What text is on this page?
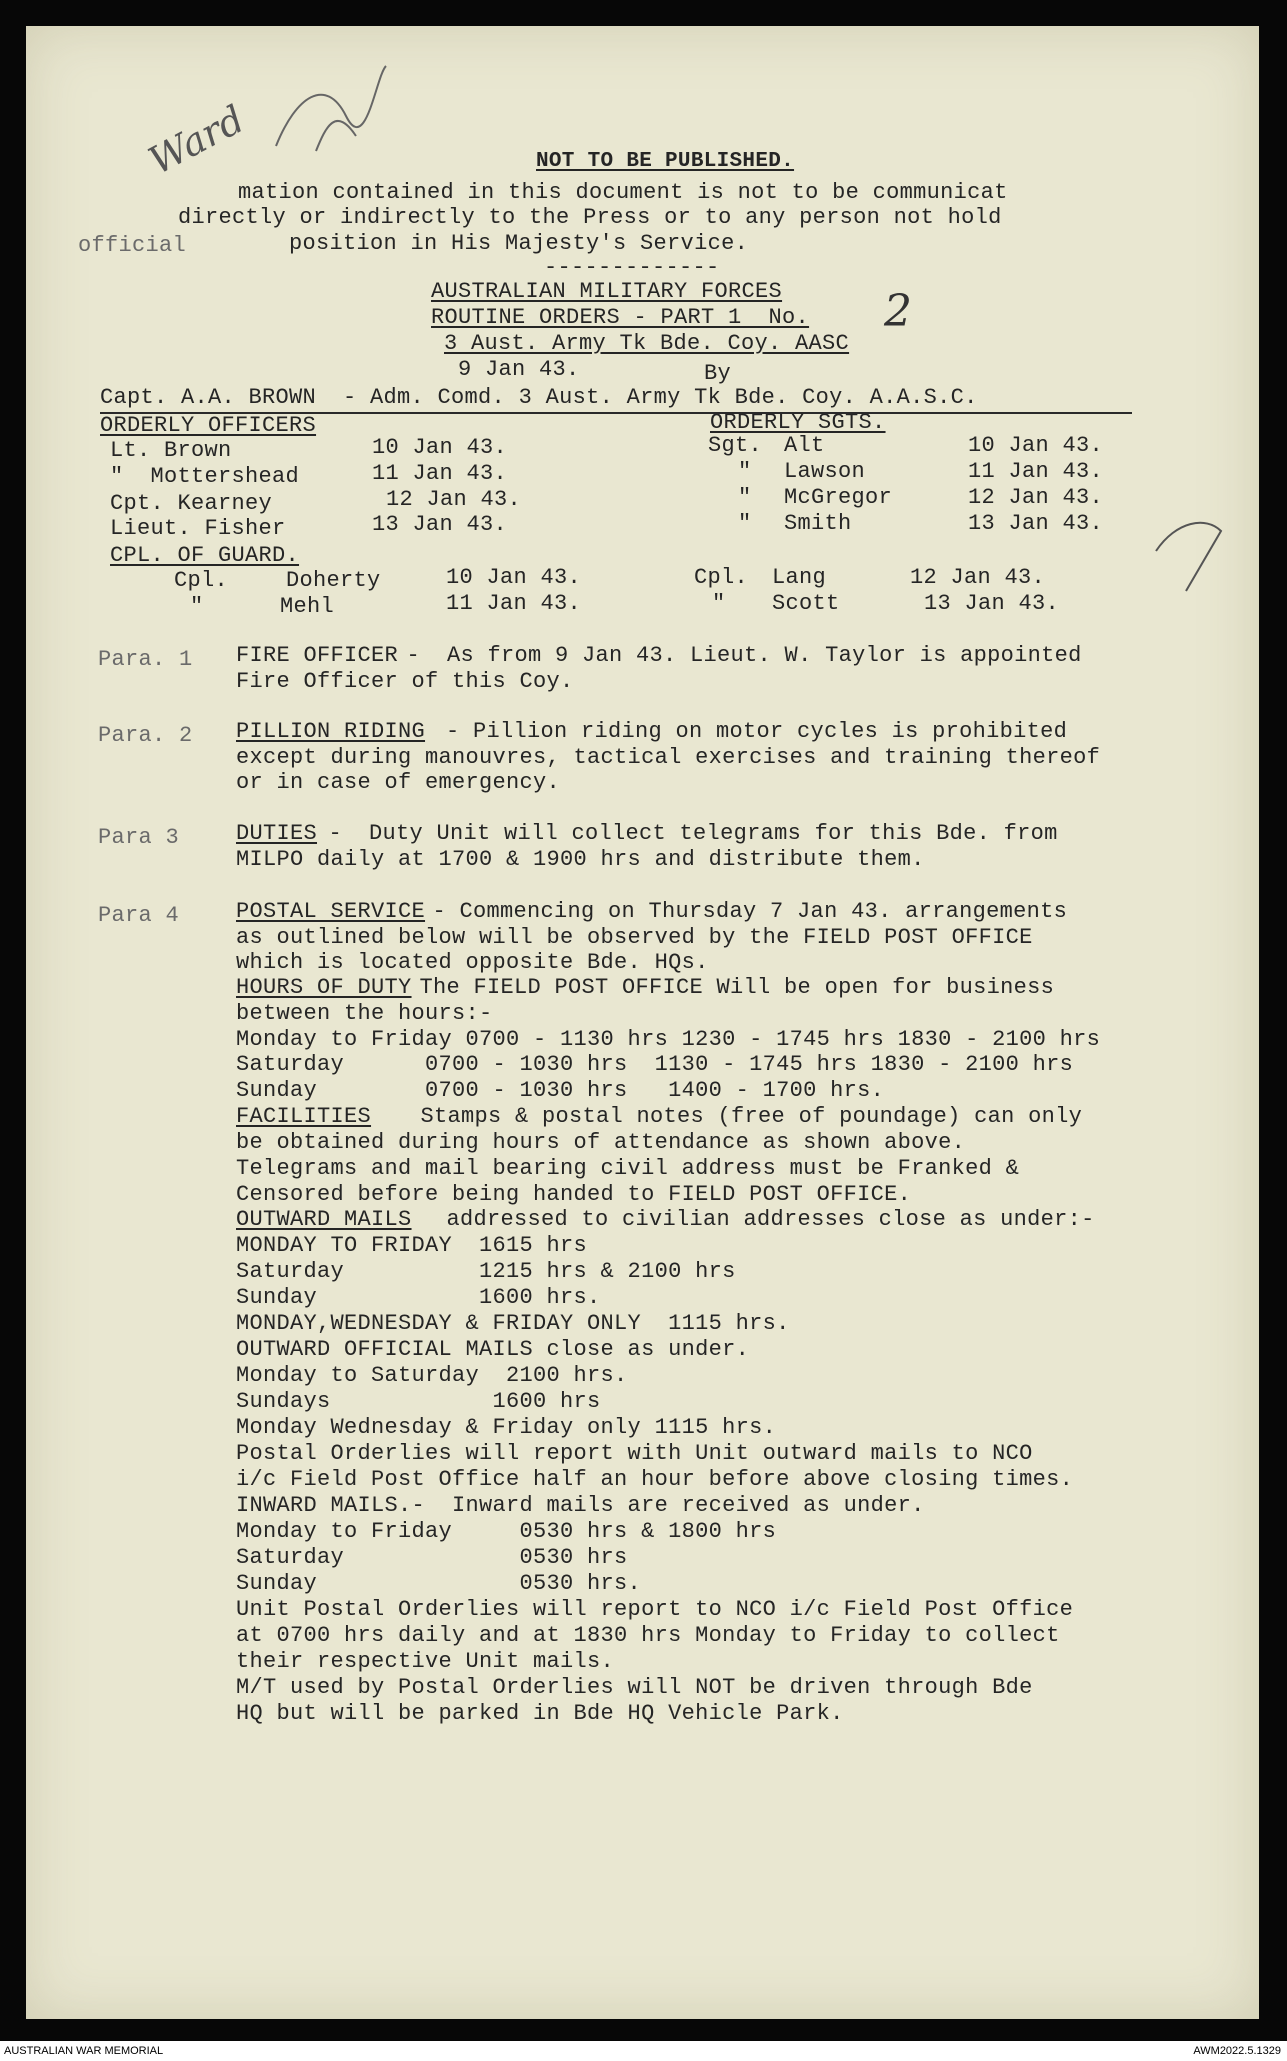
Ward	NOT TO BE PUBLISHED.
official
mation contained in this document is not to be communicat
directly or indirectly to the Press or to any person not hold
position in His Majesty's Service.
-------------
AUSTRALIAN MILITARY FORCES
ROUTINE ORDERS - PART 1  No. 2
3 Aust. Army Tk Bde. Coy. AASC
9 Jan 43.	By
Capt. A.A. BROWN  - Adm. Comd. 3 Aust. Army Tk Bde. Coy. A.A.S.C.
ORDERLY OFFICERS
Lt. Brown	10 Jan 43.
"  Mottershead	11 Jan 43.
Cpt. Kearney	12 Jan 43.
Lieut. Fisher	13 Jan 43.
ORDERLY SGTS.
Sgt. Alt	10 Jan 43.
" Lawson	11 Jan 43.
" McGregor	12 Jan 43.
" Smith	13 Jan 43.
CPL. OF GUARD.
Cpl.	Doherty	10 Jan 43.	Cpl. Lang	12 Jan 43.
"	Mehl	11 Jan 43.	" Scott	13 Jan 43.
Para. 1 FIRE OFFICER
-  As from 9 Jan 43. Lieut. W. Taylor is appointed
Fire Officer of this Coy.
Para. 2 PILLION RIDING
- Pillion riding on motor cycles is prohibited
except during manouvres, tactical exercises and training thereof
or in case of emergency.
Para 3	DUTIES
-  Duty Unit will collect telegrams for this Bde. from
MILPO daily at 1700 & 1900 hrs and distribute them.
Para 4	POSTAL SERVICE
- Commencing on Thursday 7 Jan 43. arrangements
as outlined below will be observed by the FIELD POST OFFICE
which is located opposite Bde. HQs.
HOURS OF DUTY
The FIELD POST OFFICE Will be open for business
between the hours:-
Monday to Friday 0700 - 1130 hrs 1230 - 1745 hrs 1830 - 2100 hrs
Saturday      0700 - 1030 hrs  1130 - 1745 hrs 1830 - 2100 hrs
Sunday        0700 - 1030 hrs   1400 - 1700 hrs.
FACILITIES Stamps & postal notes (free of poundage) can only
be obtained during hours of attendance as shown above.
Telegrams and mail bearing civil address must be Franked &
Censored before being handed to FIELD POST OFFICE.
OUTWARD MAILS
addressed to civilian addresses close as under:-
MONDAY TO FRIDAY  1615 hrs
Saturday          1215 hrs & 2100 hrs
Sunday            1600 hrs.
MONDAY,WEDNESDAY & FRIDAY ONLY  1115 hrs.
OUTWARD OFFICIAL MAILS close as under.
Monday to Saturday  2100 hrs.
Sundays            1600 hrs
Monday Wednesday & Friday only 1115 hrs.
Postal Orderlies will report with Unit outward mails to NCO
i/c Field Post Office half an hour before above closing times.
INWARD MAILS.-  Inward mails are received as under.
Monday to Friday     0530 hrs & 1800 hrs
Saturday             0530 hrs
Sunday               0530 hrs.
Unit Postal Orderlies will report to NCO i/c Field Post Office
at 0700 hrs daily and at 1830 hrs Monday to Friday to collect
their respective Unit mails.
M/T used by Postal Orderlies will NOT be driven through Bde
HQ but will be parked in Bde HQ Vehicle Park.
AUSTRALIAN WAR MEMORIAL	AWM2022.5.1329
